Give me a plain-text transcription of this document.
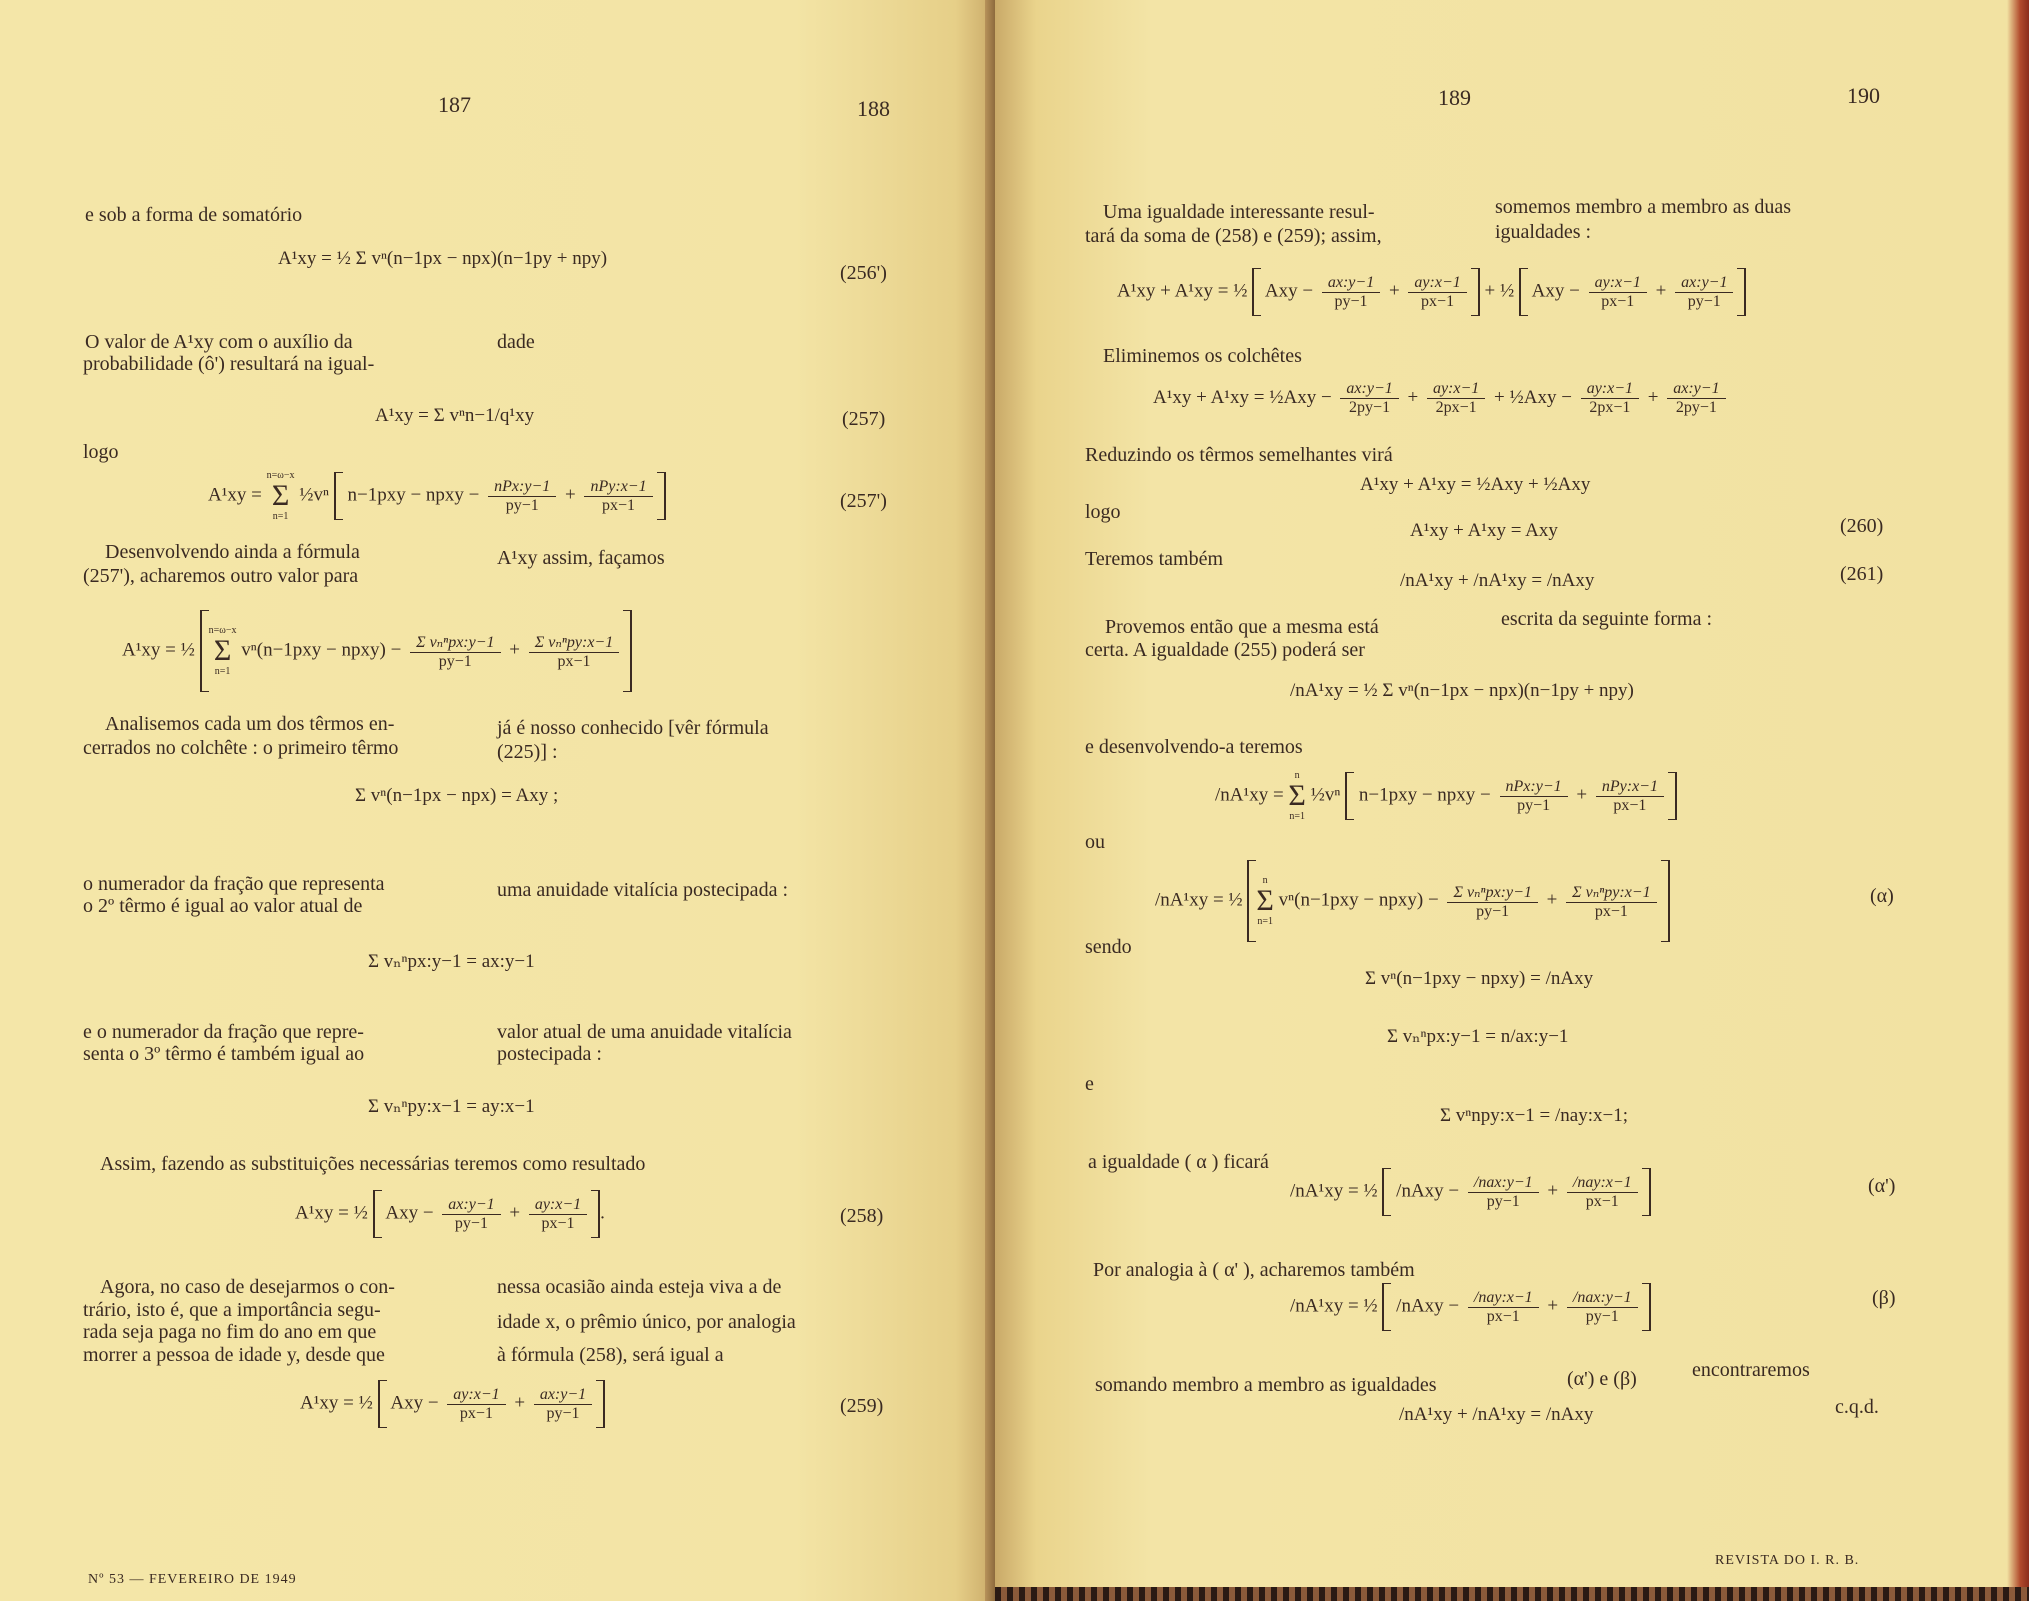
187	188
e sob a forma de somatório
A¹xy = ½ Σ vⁿ(n−1px − npx)(n−1py + npy)
(256')
O valor de A¹xy com o auxílio da
probabilidade (ô') resultará na igual-
dade
A¹xy = Σ vⁿn−1/q¹xy	(257)
logo
A¹xy = n=ω−x
Σ
n=1 ½vⁿ  n−1pxy − npxy − $\frac{\text{nPx:y−1}}{py-1} + \frac{\text{nPy:x−1}}{px-1}$	(257')
Desenvolvendo ainda a fórmula
(257'), acharemos outro valor para
A¹xy assim, façamos
A¹xy = ½ n=ω−x
Σ
n=1 vⁿ(n−1pxy − npxy) − $\frac{\text{Σ vₙⁿpx:y−1}}{py-1} + \frac{\text{Σ vₙⁿpy:x−1}}{px-1}$
Analisemos cada um dos têrmos en-
cerrados no colchête : o primeiro têrmo
já é nosso conhecido [vêr fórmula
(225)] :
Σ vⁿ(n−1px − npx) = Axy ;
o numerador da fração que representa
o 2º têrmo é igual ao valor atual de
uma anuidade vitalícia postecipada :
Σ vₙⁿpx:y−1 = ax:y−1
e o numerador da fração que repre-
senta o 3º têrmo é também igual ao
valor atual de uma anuidade vitalícia
postecipada :
Σ vₙⁿpy:x−1 = ay:x−1
Assim, fazendo as substituições necessárias teremos como resultado
A¹xy = ½  Axy − $\frac{ax:y-1}{py-1} + \frac{ay:x-1}{px-1}$ .	(258)
Agora, no caso de desejarmos o con-
trário, isto é, que a importância segu-
rada seja paga no fim do ano em que
morrer a pessoa de idade y, desde que
nessa ocasião ainda esteja viva a de
idade x, o prêmio único, por analogia
à fórmula (258), será igual a
A¹xy = ½  Axy − $\frac{ay:x-1}{px-1} + \frac{ax:y-1}{py-1}$	(259)
Nº 53 — FEVEREIRO DE 1949
189	190
Uma igualdade interessante resul-
tará da soma de (258) e (259); assim,
somemos membro a membro as duas
igualdades :
A¹xy + A¹xy = ½  Axy − $\frac{ax:y-1}{py-1} + \frac{ay:x-1}{px-1}$ + ½  Axy − $\frac{ay:x-1}{px-1} + \frac{ax:y-1}{py-1}$
Eliminemos os colchêtes
A¹xy + A¹xy = ½Axy − $\frac{ax:y-1}{2py-1} + \frac{ay:x-1}{2px-1}$ + ½Axy − $\frac{ay:x-1}{2px-1} + \frac{ax:y-1}{2py-1}$
Reduzindo os têrmos semelhantes virá
A¹xy + A¹xy = ½Axy + ½Axy
logo
A¹xy + A¹xy = Axy	(260)
Teremos também
/nA¹xy + /nA¹xy = /nAxy	(261)
Provemos então que a mesma está
certa. A igualdade (255) poderá ser
escrita da seguinte forma :
/nA¹xy = ½ Σ vⁿ(n−1px − npx)(n−1py + npy)
e desenvolvendo-a teremos
/nA¹xy = n
Σ
n=1 ½vⁿ  n−1pxy − npxy − $\frac{\text{nPx:y−1}}{py-1} + \frac{\text{nPy:x−1}}{px-1}$
ou
/nA¹xy = ½ n
Σ
n=1 vⁿ(n−1pxy − npxy) − $\frac{\text{Σ vₙⁿpx:y−1}}{py-1} + \frac{\text{Σ vₙⁿpy:x−1}}{px-1}$	(α)
sendo
Σ vⁿ(n−1pxy − npxy) = /nAxy
Σ vₙⁿpx:y−1 = n/ax:y−1
e
Σ vⁿnpy:x−1 = /nay:x−1;
a igualdade ( α ) ficará
/nA¹xy = ½  /nAxy − $\frac{\text{/nax:y−1}}{py-1} + \frac{\text{/nay:x−1}}{px-1}$	(α')
Por analogia à ( α' ), acharemos também
/nA¹xy = ½  /nAxy − $\frac{\text{/nay:x−1}}{px-1} + \frac{\text{/nax:y−1}}{py-1}$	(β)
somando membro a membro as igualdades	(α') e (β)	encontraremos
/nA¹xy + /nA¹xy = /nAxy	c.q.d.
REVISTA DO I. R. B.
